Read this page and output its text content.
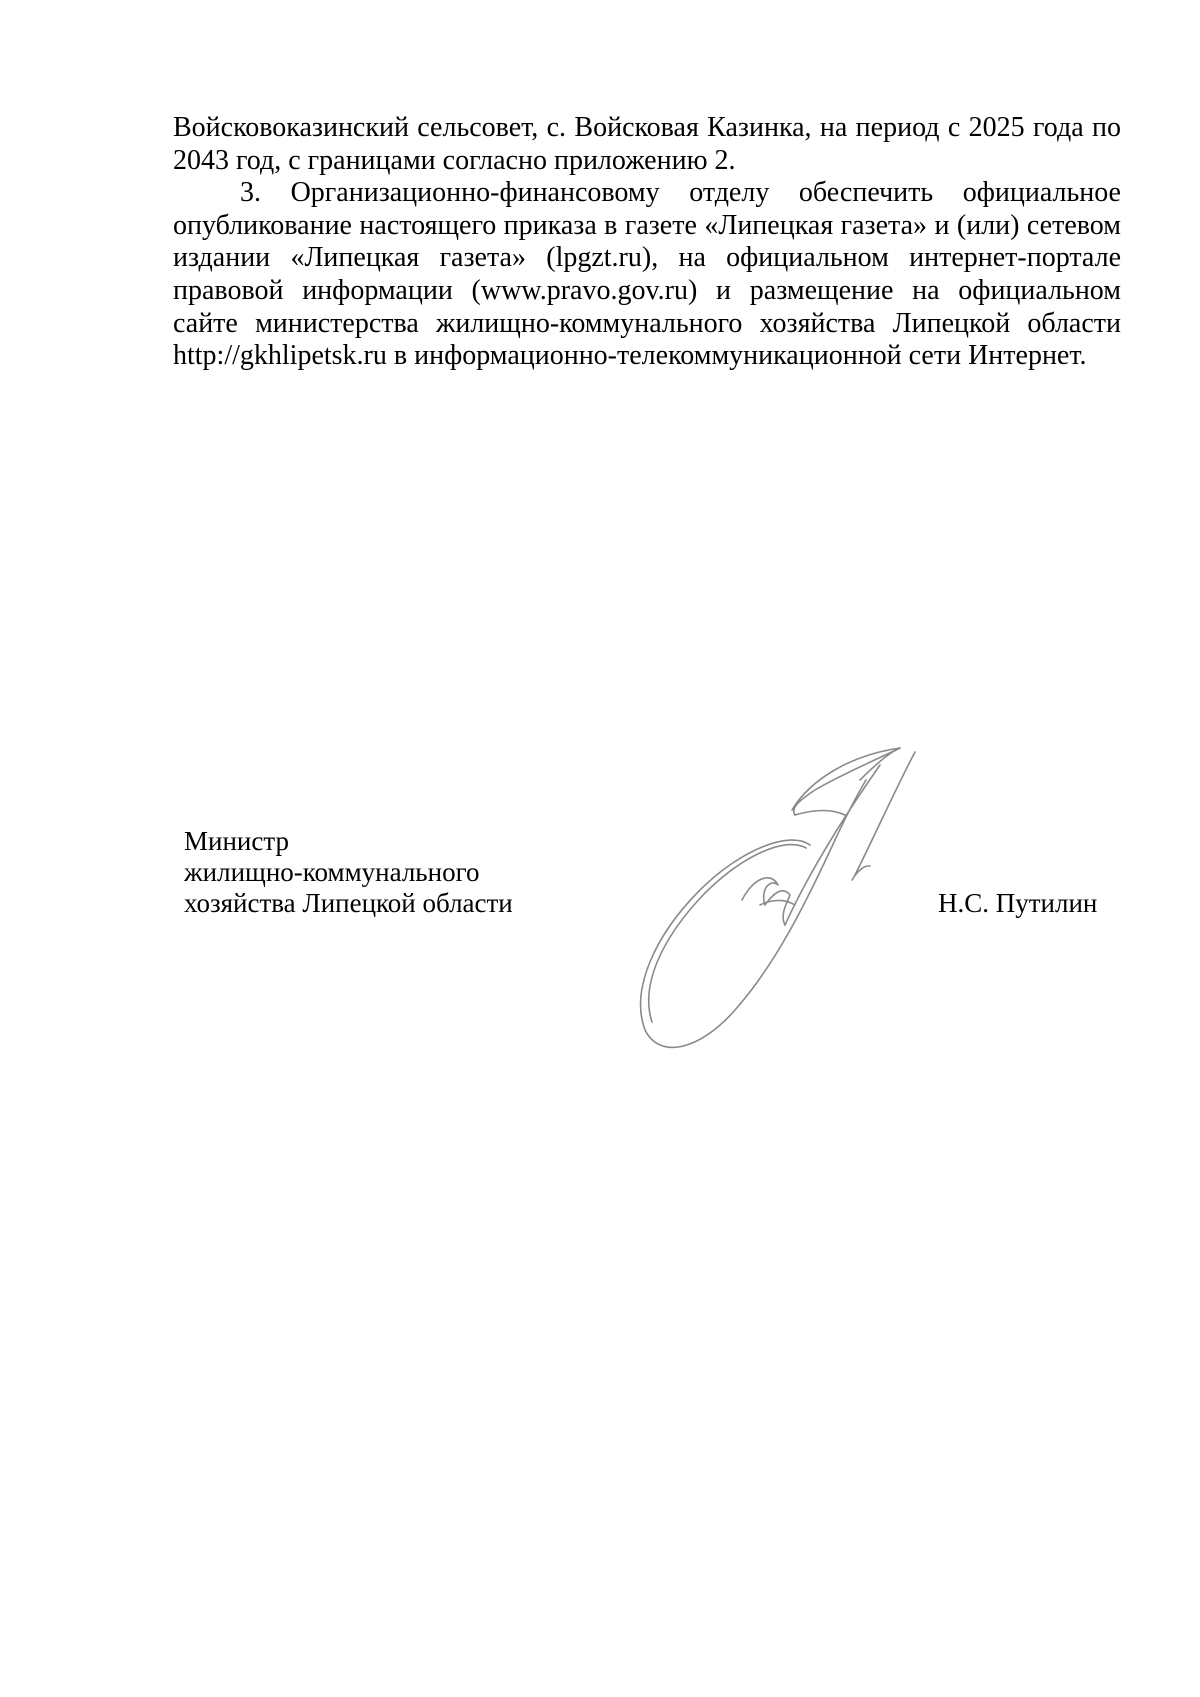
Войсковоказинский сельсовет, с. Войсковая Казинка, на период с 2025 года по 2043 год, с границами согласно приложению 2.

3. Организационно-финансовому отделу обеспечить официальное опубликование настоящего приказа в газете «Липецкая газета» и (или) сетевом издании «Липецкая газета» (lpgzt.ru), на официальном интернет-портале правовой информации (www.pravo.gov.ru) и размещение на официальном сайте министерства жилищно-коммунального хозяйства Липецкой области http://gkhlipetsk.ru в информационно-телекоммуникационной сети Интернет.

Министр
жилищно-коммунального
хозяйства Липецкой области	Н.С. Путилин
